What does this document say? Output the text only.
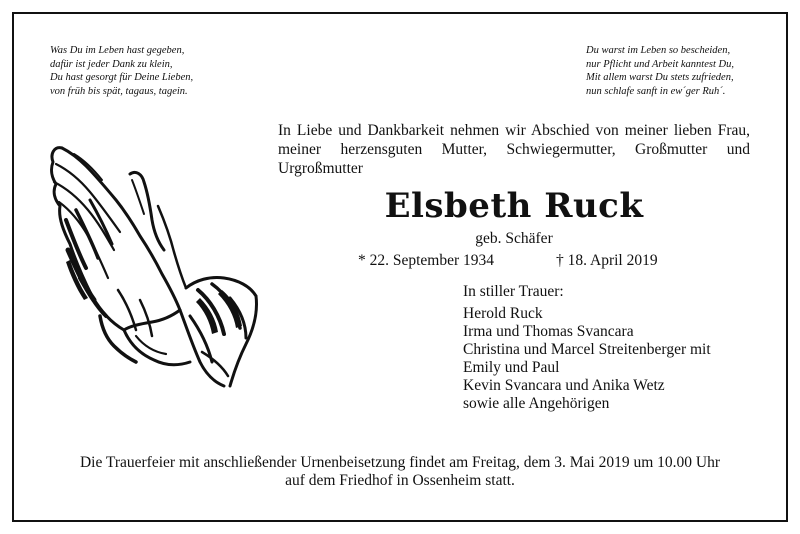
Was Du im Leben hast gegeben,
dafür ist jeder Dank zu klein,
Du hast gesorgt für Deine Lieben,
von früh bis spät, tagaus, tagein.
Du warst im Leben so bescheiden,
nur Pflicht und Arbeit kanntest Du,
Mit allem warst Du stets zufrieden,
nun schlafe sanft in ew´ger Ruh´.
In Liebe und Dankbarkeit nehmen wir Abschied von meiner lieben Frau, meiner herzensguten Mutter, Schwiegermutter, Großmutter und Urgroßmutter
Elsbeth Ruck
geb. Schäfer
* 22. September 1934	† 18. April 2019
In stiller Trauer:
Herold Ruck
Irma und Thomas Svancara
Christina und Marcel Streitenberger mit
Emily und Paul
Kevin Svancara und Anika Wetz
sowie alle Angehörigen
Die Trauerfeier mit anschließender Urnenbeisetzung findet am Freitag, dem 3. Mai 2019 um 10.00 Uhr
auf dem Friedhof in Ossenheim statt.
